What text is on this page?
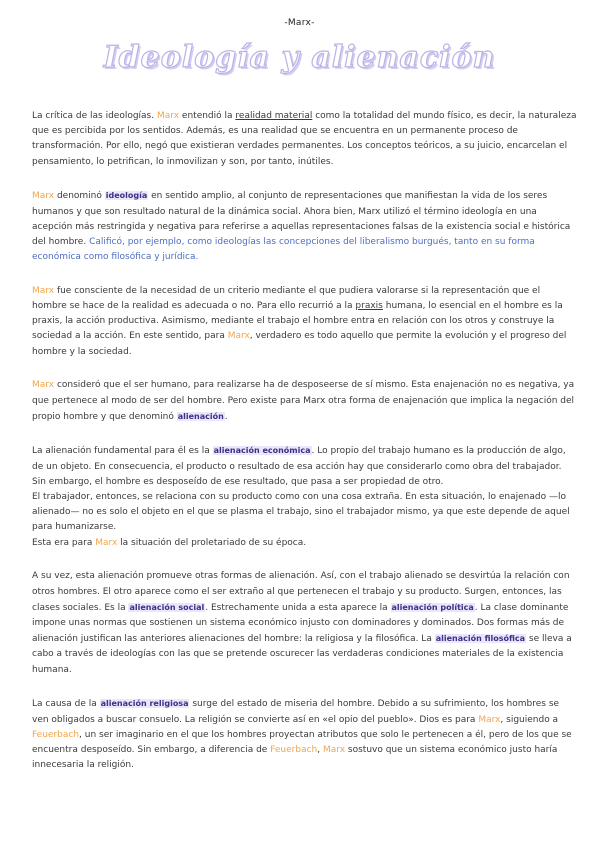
-Marx-
Ideología y alienación

La crítica de las ideologías. Marx entendió la realidad material como la totalidad del mundo físico, es decir, la naturaleza que es percibida por los sentidos. Además, es una realidad que se encuentra en un permanente proceso de transformación. Por ello, negó que existieran verdades permanentes. Los conceptos teóricos, a su juicio, encarcelan el pensamiento, lo petrifican, lo inmovilizan y son, por tanto, inútiles.

Marx denominó ideología en sentido amplio, al conjunto de representaciones que manifiestan la vida de los seres humanos y que son resultado natural de la dinámica social. Ahora bien, Marx utilizó el término ideología en una acepción más restringida y negativa para referirse a aquellas representaciones falsas de la existencia social e histórica del hombre. Calificó, por ejemplo, como ideologías las concepciones del liberalismo burgués, tanto en su forma económica como filosófica y jurídica.

Marx fue consciente de la necesidad de un criterio mediante el que pudiera valorarse si la representación que el hombre se hace de la realidad es adecuada o no. Para ello recurrió a la praxis humana, lo esencial en el hombre es la praxis, la acción productiva. Asimismo, mediante el trabajo el hombre entra en relación con los otros y construye la sociedad a la acción. En este sentido, para Marx, verdadero es todo aquello que permite la evolución y el progreso del hombre y la sociedad.

Marx consideró que el ser humano, para realizarse ha de desposeerse de sí mismo. Esta enajenación no es negativa, ya que pertenece al modo de ser del hombre. Pero existe para Marx otra forma de enajenación que implica la negación del propio hombre y que denominó alienación.

La alienación fundamental para él es la alienación económica. Lo propio del trabajo humano es la producción de algo, de un objeto. En consecuencia, el producto o resultado de esa acción hay que considerarlo como obra del trabajador. Sin embargo, el hombre es desposeído de ese resultado, que pasa a ser propiedad de otro.
El trabajador, entonces, se relaciona con su producto como con una cosa extraña. En esta situación, lo enajenado —lo alienado— no es solo el objeto en el que se plasma el trabajo, sino el trabajador mismo, ya que este depende de aquel para humanizarse.
Esta era para Marx la situación del proletariado de su época.

A su vez, esta alienación promueve otras formas de alienación. Así, con el trabajo alienado se desvirtúa la relación con otros hombres. El otro aparece como el ser extraño al que pertenecen el trabajo y su producto. Surgen, entonces, las clases sociales. Es la alienación social. Estrechamente unida a esta aparece la alienación política. La clase dominante impone unas normas que sostienen un sistema económico injusto con dominadores y dominados. Dos formas más de alienación justifican las anteriores alienaciones del hombre: la religiosa y la filosófica. La alienación filosófica se lleva a cabo a través de ideologías con las que se pretende oscurecer las verdaderas condiciones materiales de la existencia humana.

La causa de la alienación religiosa surge del estado de miseria del hombre. Debido a su sufrimiento, los hombres se ven obligados a buscar consuelo. La religión se convierte así en «el opio del pueblo». Dios es para Marx, siguiendo a Feuerbach, un ser imaginario en el que los hombres proyectan atributos que solo le pertenecen a él, pero de los que se encuentra desposeído. Sin embargo, a diferencia de Feuerbach, Marx sostuvo que un sistema económico justo haría innecesaria la religión.
